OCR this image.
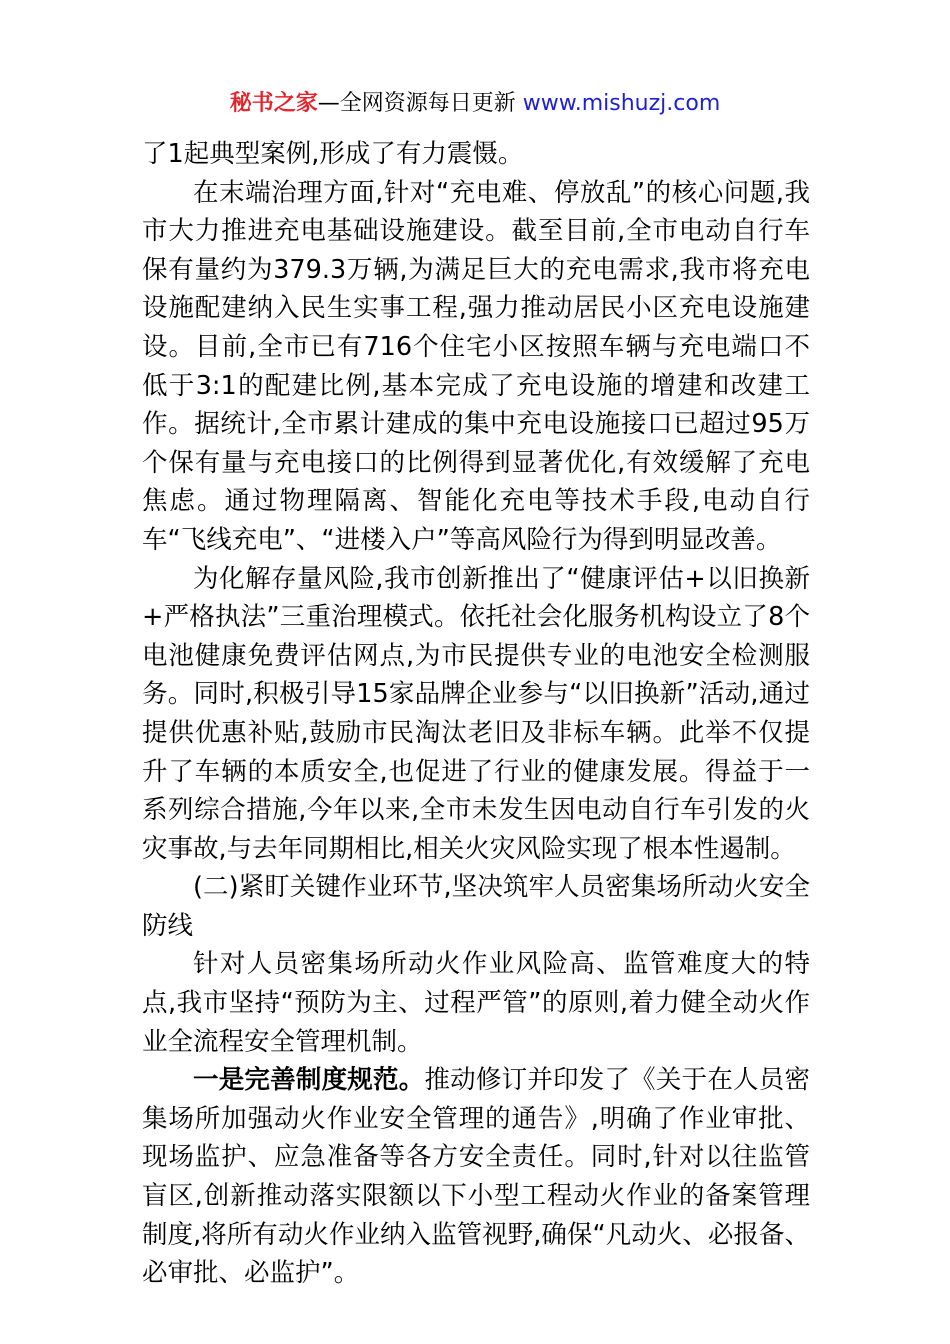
秘书之家—全网资源每日更新 www.mishuzj.com

了1起典型案例,形成了有力震慑。

在末端治理方面,针对“充电难、停放乱”的核心问题,我市大力推进充电基础设施建设。截至目前,全市电动自行车保有量约为379.3万辆,为满足巨大的充电需求,我市将充电设施配建纳入民生实事工程,强力推动居民小区充电设施建设。目前,全市已有716个住宅小区按照车辆与充电端口不低于3:1的配建比例,基本完成了充电设施的增建和改建工作。据统计,全市累计建成的集中充电设施接口已超过95万个保有量与充电接口的比例得到显著优化,有效缓解了充电焦虑。通过物理隔离、智能化充电等技术手段,电动自行车“飞线充电”、“进楼入户”等高风险行为得到明显改善。

为化解存量风险,我市创新推出了“健康评估+以旧换新+严格执法”三重治理模式。依托社会化服务机构设立了8个电池健康免费评估网点,为市民提供专业的电池安全检测服务。同时,积极引导15家品牌企业参与“以旧换新”活动,通过提供优惠补贴,鼓励市民淘汰老旧及非标车辆。此举不仅提升了车辆的本质安全,也促进了行业的健康发展。得益于一系列综合措施,今年以来,全市未发生因电动自行车引发的火灾事故,与去年同期相比,相关火灾风险实现了根本性遏制。

(二)紧盯关键作业环节,坚决筑牢人员密集场所动火安全防线

针对人员密集场所动火作业风险高、监管难度大的特点,我市坚持“预防为主、过程严管”的原则,着力健全动火作业全流程安全管理机制。

一是完善制度规范。推动修订并印发了《关于在人员密集场所加强动火作业安全管理的通告》,明确了作业审批、现场监护、应急准备等各方安全责任。同时,针对以往监管盲区,创新推动落实限额以下小型工程动火作业的备案管理制度,将所有动火作业纳入监管视野,确保“凡动火、必报备、必审批、必监护”。
